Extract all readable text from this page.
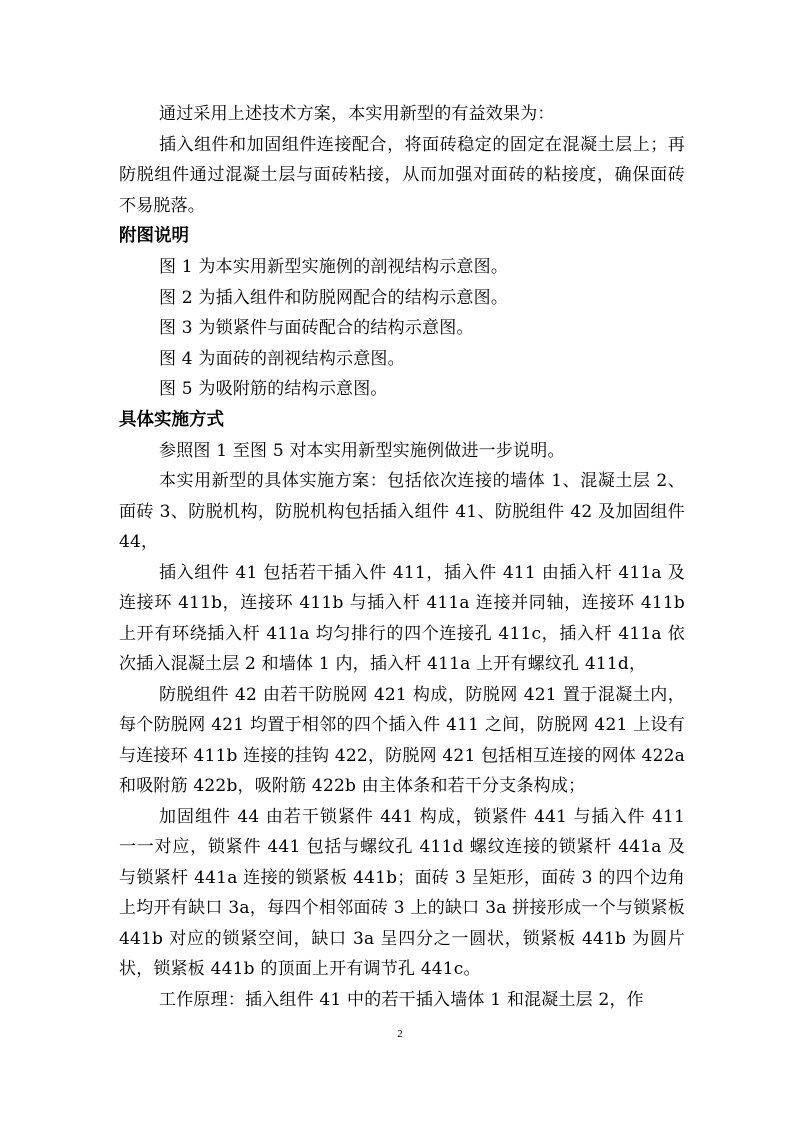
通过采用上述技术方案，本实用新型的有益效果为：

插入组件和加固组件连接配合，将面砖稳定的固定在混凝土层上；再防脱组件通过混凝土层与面砖粘接，从而加强对面砖的粘接度，确保面砖不易脱落。

附图说明

图 1 为本实用新型实施例的剖视结构示意图。

图 2 为插入组件和防脱网配合的结构示意图。

图 3 为锁紧件与面砖配合的结构示意图。

图 4 为面砖的剖视结构示意图。

图 5 为吸附筋的结构示意图。

具体实施方式

参照图 1 至图 5 对本实用新型实施例做进一步说明。

本实用新型的具体实施方案：包括依次连接的墙体 1、混凝土层 2、面砖 3、防脱机构，防脱机构包括插入组件 41、防脱组件 42 及加固组件 44，

插入组件 41 包括若干插入件 411，插入件 411 由插入杆 411a 及连接环 411b，连接环 411b 与插入杆 411a 连接并同轴，连接环 411b 上开有环绕插入杆 411a 均匀排行的四个连接孔 411c，插入杆 411a 依次插入混凝土层 2 和墙体 1 内，插入杆 411a 上开有螺纹孔 411d，

防脱组件 42 由若干防脱网 421 构成，防脱网 421 置于混凝土内，每个防脱网 421 均置于相邻的四个插入件 411 之间，防脱网 421 上设有与连接环 411b 连接的挂钩 422，防脱网 421 包括相互连接的网体 422a 和吸附筋 422b，吸附筋 422b 由主体条和若干分支条构成；

加固组件 44 由若干锁紧件 441 构成，锁紧件 441 与插入件 411 一一对应，锁紧件 441 包括与螺纹孔 411d 螺纹连接的锁紧杆 441a 及与锁紧杆 441a 连接的锁紧板 441b；面砖 3 呈矩形，面砖 3 的四个边角上均开有缺口 3a，每四个相邻面砖 3 上的缺口 3a 拼接形成一个与锁紧板 441b 对应的锁紧空间，缺口 3a 呈四分之一圆状，锁紧板 441b 为圆片状，锁紧板 441b 的顶面上开有调节孔 441c。

工作原理：插入组件 41 中的若干插入墙体 1 和混凝土层 2，作

2
